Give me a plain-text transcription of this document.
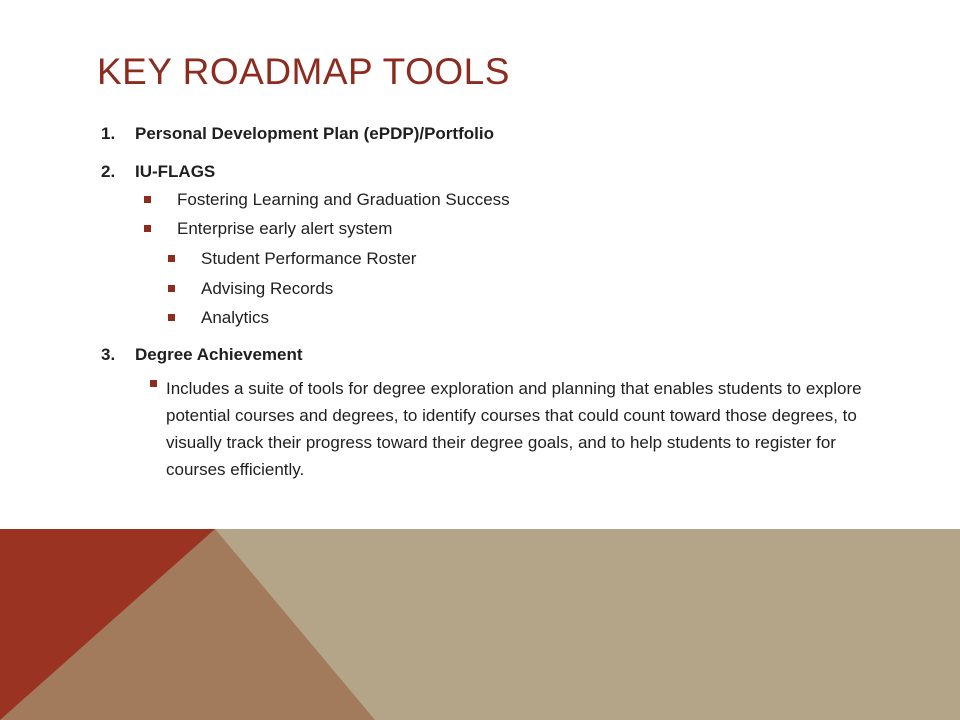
KEY ROADMAP TOOLS
1. Personal Development Plan (ePDP)/Portfolio
2. IU-FLAGS
Fostering Learning and Graduation Success
Enterprise early alert system
Student Performance Roster
Advising Records
Analytics
3. Degree Achievement
Includes a suite of tools for degree exploration and planning that enables students to explore potential courses and degrees, to identify courses that could count toward those degrees, to visually track their progress toward their degree goals, and to help students to register for courses efficiently.
